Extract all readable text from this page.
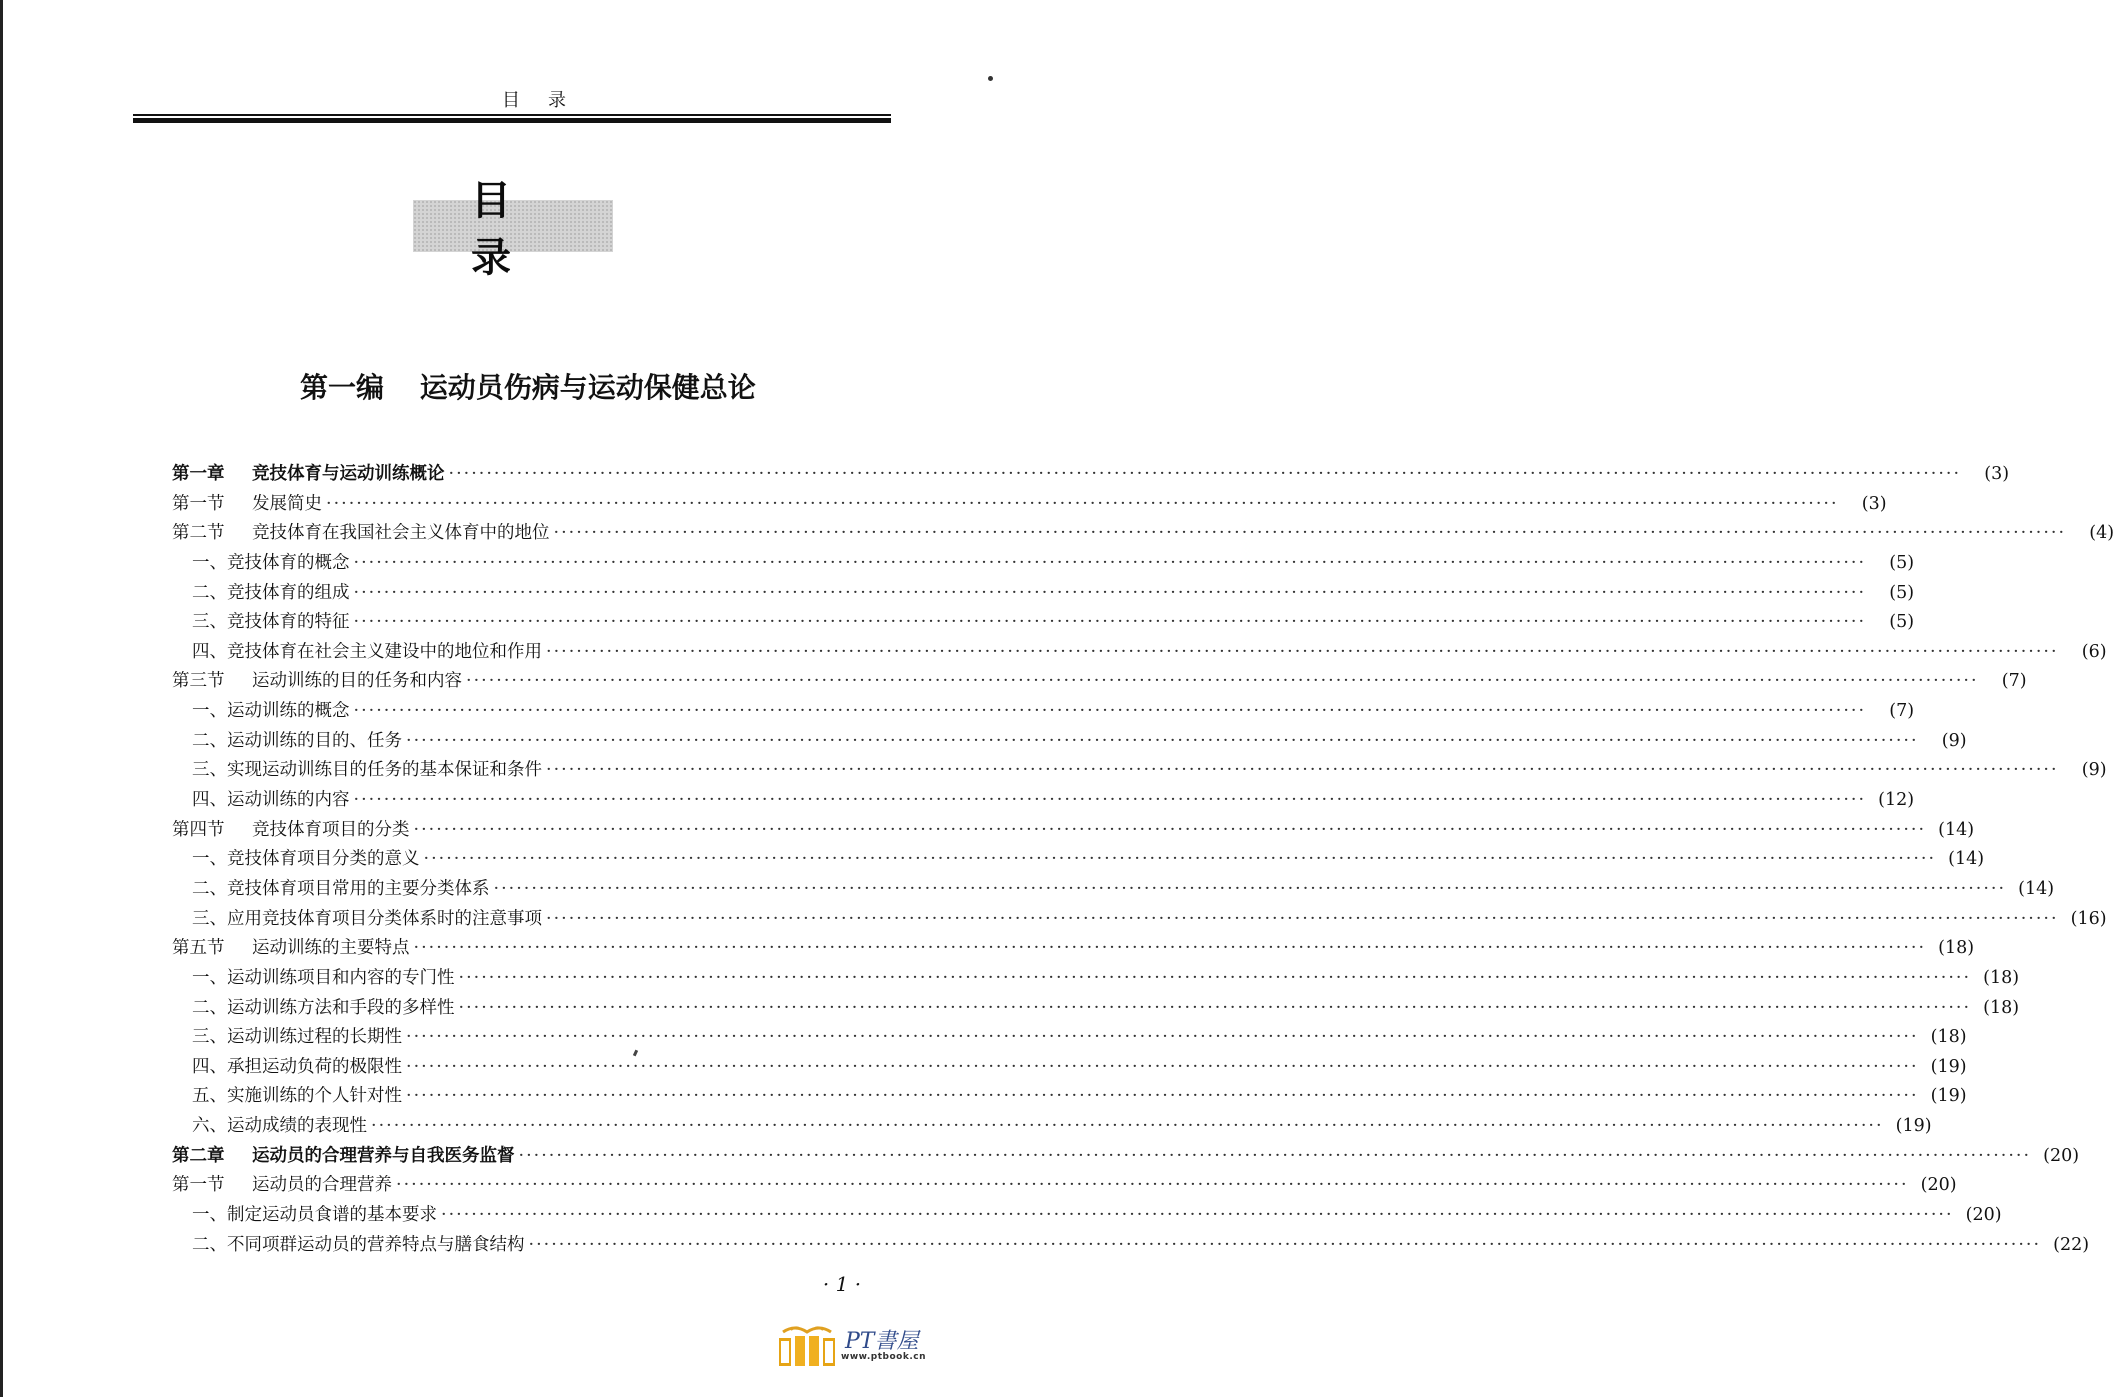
目录
目录
第一编 运动员伤病与运动保健总论
第一章	竞技体育与运动训练概论 ········································································································································································································	(3)
第一节	发展简史 ········································································································································································································	(3)
第二节	竞技体育在我国社会主义体育中的地位 ········································································································································································································	(4)
一、竞技体育的概念 ········································································································································································································	(5)
二、竞技体育的组成 ········································································································································································································	(5)
三、竞技体育的特征 ········································································································································································································	(5)
四、竞技体育在社会主义建设中的地位和作用 ········································································································································································································	(6)
第三节	运动训练的目的任务和内容 ········································································································································································································	(7)
一、运动训练的概念 ········································································································································································································	(7)
二、运动训练的目的、任务 ········································································································································································································	(9)
三、实现运动训练目的任务的基本保证和条件 ········································································································································································································	(9)
四、运动训练的内容 ········································································································································································································ (12)
第四节	竞技体育项目的分类 ········································································································································································································ (14)
一、竞技体育项目分类的意义 ········································································································································································································ (14)
二、竞技体育项目常用的主要分类体系 ········································································································································································································ (14)
三、应用竞技体育项目分类体系时的注意事项 ········································································································································································································ (16)
第五节	运动训练的主要特点 ········································································································································································································ (18)
一、运动训练项目和内容的专门性 ········································································································································································································ (18)
二、运动训练方法和手段的多样性 ········································································································································································································ (18)
三、运动训练过程的长期性 ········································································································································································································ (18)
四、承担运动负荷的极限性 ········································································································································································································ (19)
五、实施训练的个人针对性 ········································································································································································································ (19)
六、运动成绩的表现性 ········································································································································································································ (19)
第二章	运动员的合理营养与自我医务监督 ········································································································································································································ (20)
第一节	运动员的合理营养 ········································································································································································································ (20)
一、制定运动员食谱的基本要求 ········································································································································································································ (20)
二、不同项群运动员的营养特点与膳食结构 ········································································································································································································ (22)
· 1 ·
PT書屋
www.ptbook.cn
